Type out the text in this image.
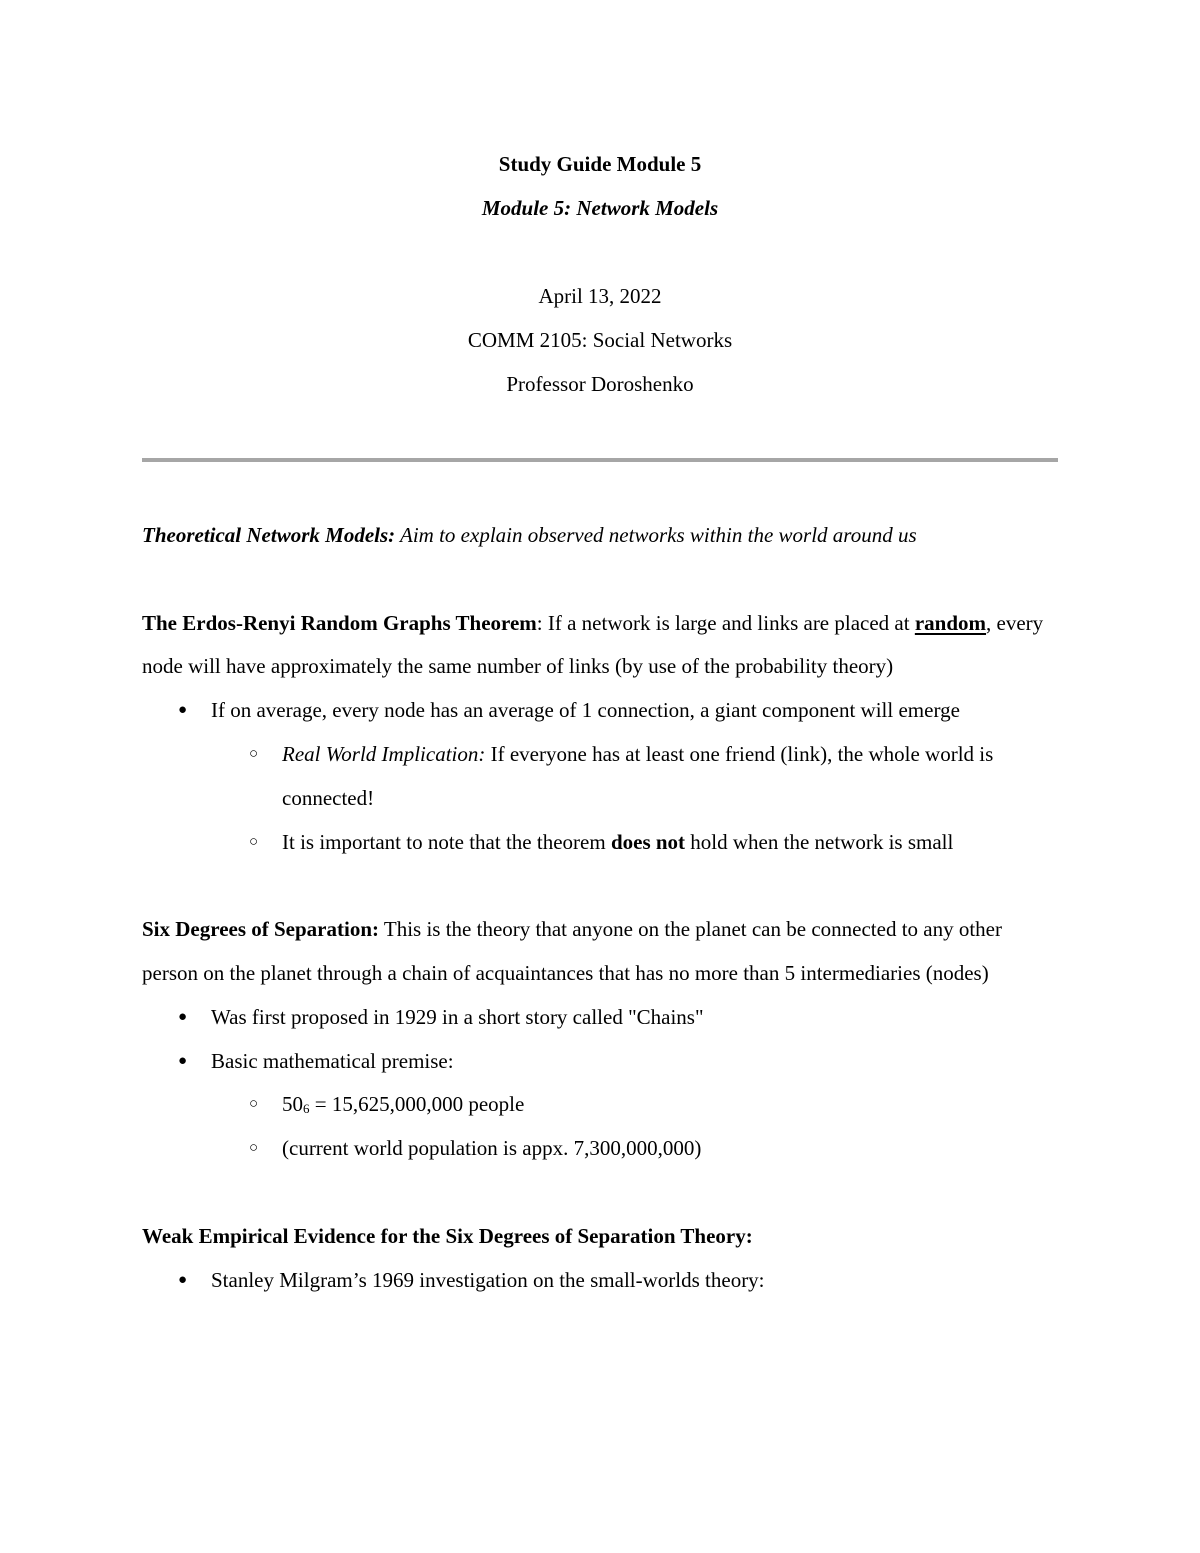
Study Guide Module 5
Module 5: Network Models
April 13, 2022
COMM 2105: Social Networks
Professor Doroshenko

Theoretical Network Models: Aim to explain observed networks within the world around us

The Erdos-Renyi Random Graphs Theorem: If a network is large and links are placed at random, every node will have approximately the same number of links (by use of the probability theory)

● If on average, every node has an average of 1 connection, a giant component will emerge

○ Real World Implication: If everyone has at least one friend (link), the whole world is connected!

○ It is important to note that the theorem does not hold when the network is small

Six Degrees of Separation: This is the theory that anyone on the planet can be connected to any other person on the planet through a chain of acquaintances that has no more than 5 intermediaries (nodes)

● Was first proposed in 1929 in a short story called "Chains"

● Basic mathematical premise:

○ $50_6 = 15,625,000,000$ people

○ (current world population is appx. 7,300,000,000)

Weak Empirical Evidence for the Six Degrees of Separation Theory:

● Stanley Milgram’s 1969 investigation on the small-worlds theory:
